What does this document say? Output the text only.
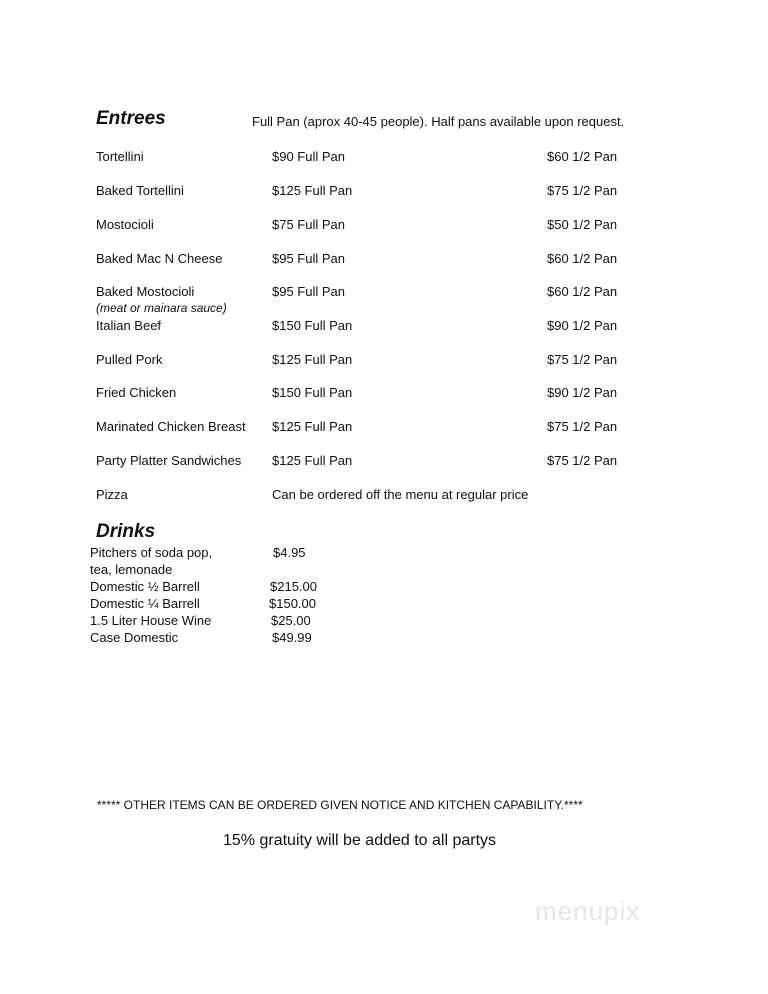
Entrees	Full Pan (aprox 40-45 people). Half pans available upon request.
Tortellini	$90 Full Pan	$60 1/2 Pan
Baked Tortellini	$125 Full Pan	$75 1/2 Pan
Mostocioli	$75 Full Pan	$50 1/2 Pan
Baked Mac N Cheese	$95 Full Pan	$60 1/2 Pan
Baked Mostocioli	$95 Full Pan	$60 1/2 Pan
(meat or mainara sauce)
Italian Beef	$150 Full Pan	$90 1/2 Pan
Pulled Pork	$125 Full Pan	$75 1/2 Pan
Fried Chicken	$150 Full Pan	$90 1/2 Pan
Marinated Chicken Breast $125 Full Pan	$75 1/2 Pan
Party Platter Sandwiches $125 Full Pan	$75 1/2 Pan
Pizza	Can be ordered off the menu at regular price
Drinks
Pitchers of soda pop,	$4.95
tea, lemonade
Domestic ½ Barrell	$215.00
Domestic ¼ Barrell	$150.00
1.5 Liter House Wine	$25.00
Case Domestic	$49.99
***** OTHER ITEMS CAN BE ORDERED GIVEN NOTICE AND KITCHEN CAPABILITY.****
15% gratuity will be added to all partys
menupix
